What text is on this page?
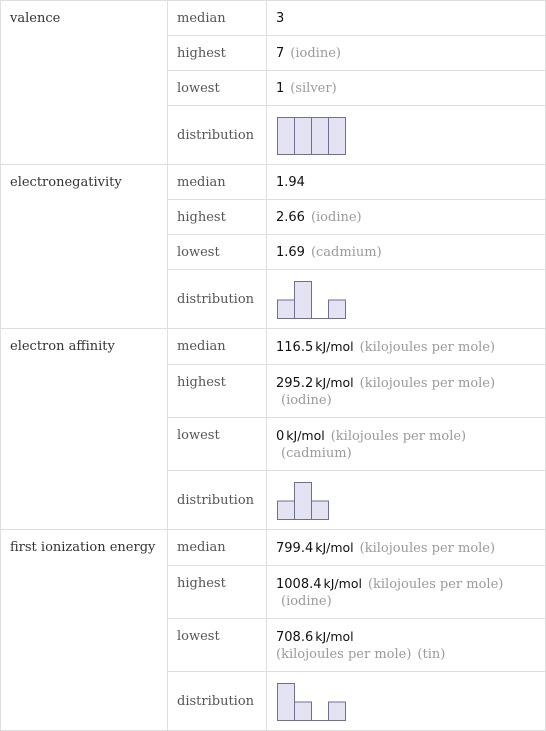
valence	median	3
	highest	7 (iodine)
	lowest	1 (silver)
	distribution	

electronegativity	median	1.94
	highest	2.66 (iodine)
	lowest	1.69 (cadmium)
	distribution	

electron affinity	median	116.5 kJ/mol (kilojoules per mole)
	highest	295.2 kJ/mol (kilojoules per mole)
(iodine)

	lowest	0 kJ/mol (kilojoules per mole)
(cadmium)

	distribution	

first ionization energy	median	799.4 kJ/mol (kilojoules per mole)
	highest	1008.4 kJ/mol (kilojoules per mole)
(iodine)

	lowest	708.6 kJ/mol
(kilojoules per mole) (tin)

	distribution	
